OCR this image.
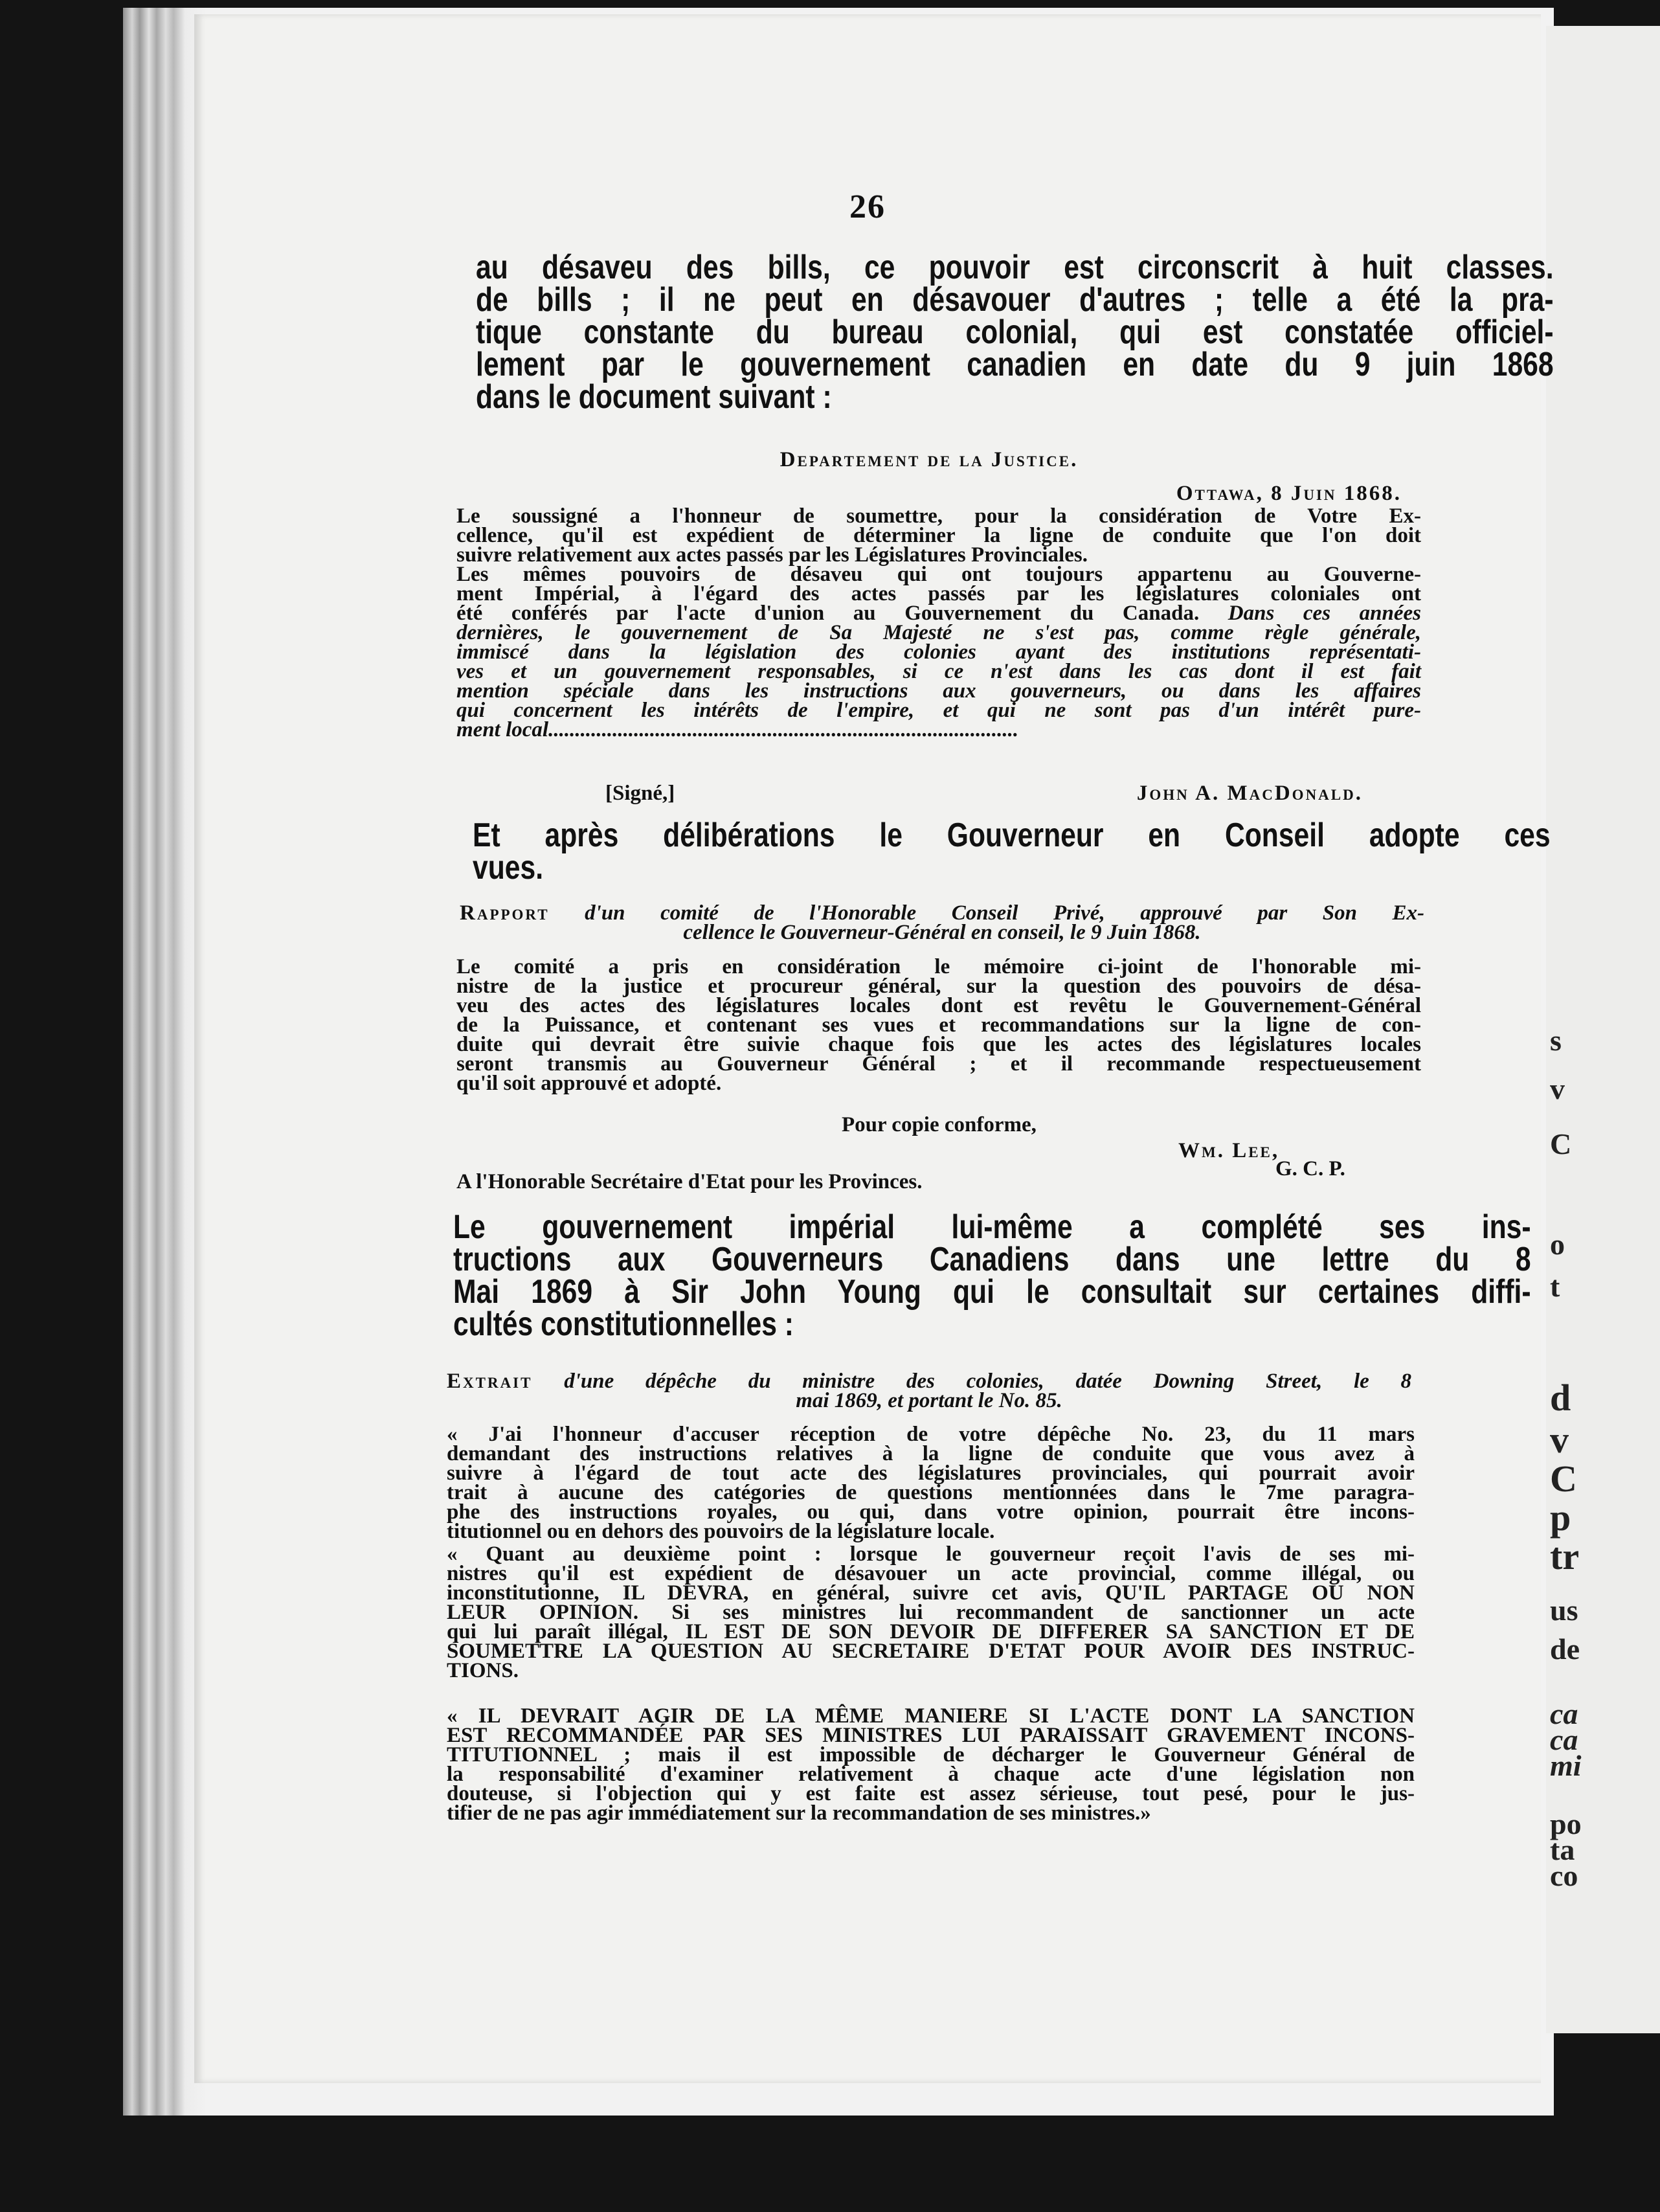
26
s
v
C
o
t
d
v
C
p
tr
us
de
ca
ca
mi
po
ta
co
au désaveu des bills, ce pouvoir est circonscrit à huit classes.
de bills ; il ne peut en désavouer d'autres ; telle a été la pra-
tique constante du bureau colonial, qui est constatée officiel-
lement par le gouvernement canadien en date du 9 juin 1868
dans le document suivant :
Departement de la Justice.
Ottawa, 8 Juin 1868.
Le soussigné a l'honneur de soumettre, pour la considération de Votre Ex-
cellence, qu'il est expédient de déterminer la ligne de conduite que l'on doit
suivre relativement aux actes passés par les Législatures Provinciales.
Les mêmes pouvoirs de désaveu qui ont toujours appartenu au Gouverne-
ment Impérial, à l'égard des actes passés par les législatures coloniales ont
été conférés par l'acte d'union au Gouvernement du Canada. Dans ces années
dernières, le gouvernement de Sa Majesté ne s'est pas, comme règle générale,
immiscé dans la législation des colonies ayant des institutions représentati-
ves et un gouvernement responsables, si ce n'est dans les cas dont il est fait
mention spéciale dans les instructions aux gouverneurs, ou dans les affaires
qui concernent les intérêts de l'empire, et qui ne sont pas d'un intérêt pure-
ment local........................................................................................
[Signé,]	John A. MacDonald.
Et après délibérations le Gouverneur en Conseil adopte ces
vues.
Rapport d'un comité de l'Honorable Conseil Privé, approuvé par Son Ex-
cellence le Gouverneur-Général en conseil, le 9 Juin 1868.
Le comité a pris en considération le mémoire ci-joint de l'honorable mi-
nistre de la justice et procureur général, sur la question des pouvoirs de désa-
veu des actes des législatures locales dont est revêtu le Gouvernement-Général
de la Puissance, et contenant ses vues et recommandations sur la ligne de con-
duite qui devrait être suivie chaque fois que les actes des législatures locales
seront transmis au Gouverneur Général ; et il recommande respectueusement
qu'il soit approuvé et adopté.
Pour copie conforme,
Wm. Lee,
G. C. P.
A l'Honorable Secrétaire d'Etat pour les Provinces.
Le gouvernement impérial lui-même a complété ses ins-
tructions aux Gouverneurs Canadiens dans une lettre du 8
Mai 1869 à Sir John Young qui le consultait sur certaines diffi-
cultés constitutionnelles :
Extrait d'une dépêche du ministre des colonies, datée Downing Street, le 8
mai 1869, et portant le No. 85.
« J'ai l'honneur d'accuser réception de votre dépêche No. 23, du 11 mars
demandant des instructions relatives à la ligne de conduite que vous avez à
suivre à l'égard de tout acte des législatures provinciales, qui pourrait avoir
trait à aucune des catégories de questions mentionnées dans le 7me paragra-
phe des instructions royales, ou qui, dans votre opinion, pourrait être incons-
titutionnel ou en dehors des pouvoirs de la législature locale.
« Quant au deuxième point : lorsque le gouverneur reçoit l'avis de ses mi-
nistres qu'il est expédient de désavouer un acte provincial, comme illégal, ou
inconstitutionne, IL DEVRA, en général, suivre cet avis, QU'IL PARTAGE OU NON
LEUR OPINION. Si ses ministres lui recommandent de sanctionner un acte
qui lui paraît illégal, IL EST DE SON DEVOIR DE DIFFERER SA SANCTION ET DE
SOUMETTRE LA QUESTION AU SECRETAIRE D'ETAT POUR AVOIR DES INSTRUC-
TIONS.
« IL DEVRAIT AGIR DE LA MÊME MANIERE SI L'ACTE DONT LA SANCTION
EST RECOMMANDÉE PAR SES MINISTRES LUI PARAISSAIT GRAVEMENT INCONS-
TITUTIONNEL ; mais il est impossible de décharger le Gouverneur Général de
la responsabilité d'examiner relativement à chaque acte d'une législation non
douteuse, si l'objection qui y est faite est assez sérieuse, tout pesé, pour le jus-
tifier de ne pas agir immédiatement sur la recommandation de ses ministres.»
